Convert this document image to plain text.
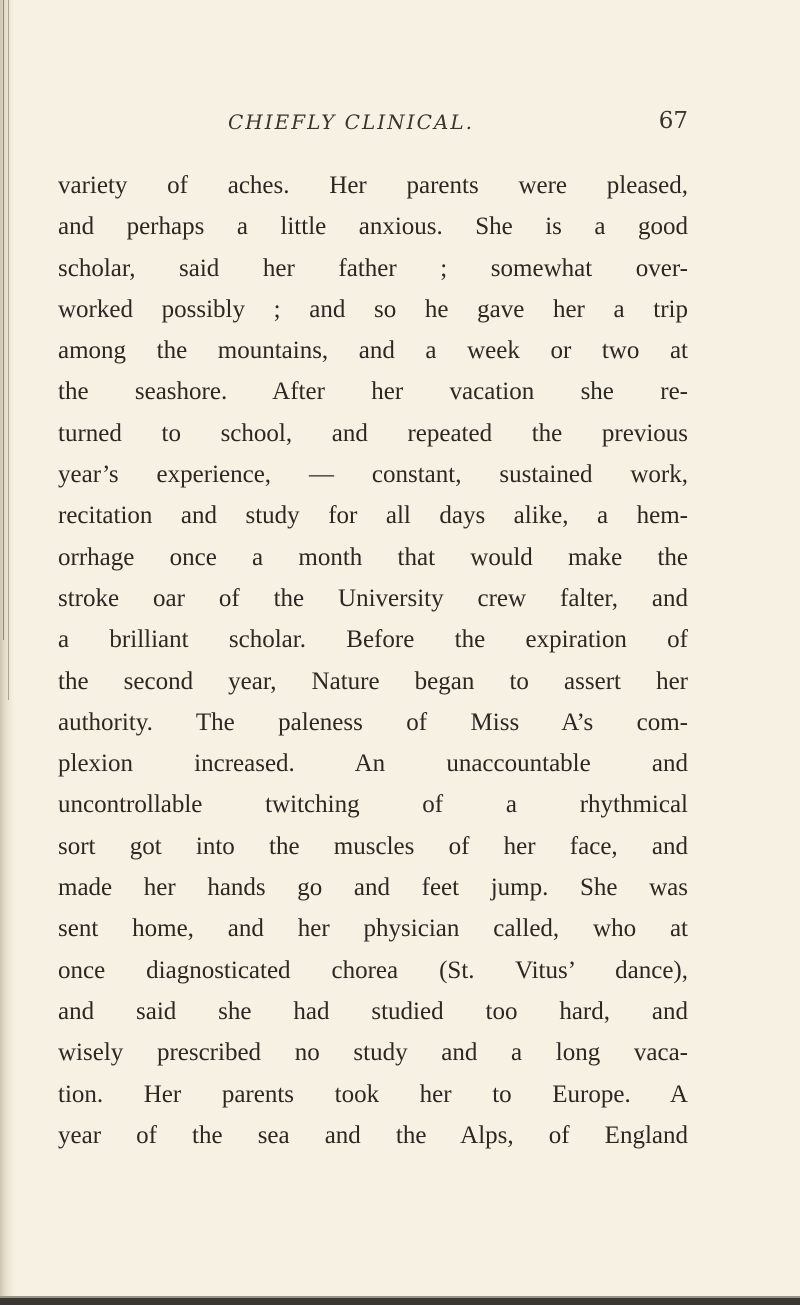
CHIEFLY CLINICAL.	67
variety of aches. Her parents were pleased,
and perhaps a little anxious. She is a good
scholar, said her father ; somewhat over-
worked possibly ; and so he gave her a trip
among the mountains, and a week or two at
the seashore. After her vacation she re-
turned to school, and repeated the previous
year’s experience, — constant, sustained work,
recitation and study for all days alike, a hem-
orrhage once a month that would make the
stroke oar of the University crew falter, and
a brilliant scholar. Before the expiration of
the second year, Nature began to assert her
authority. The paleness of Miss A’s com-
plexion increased. An unaccountable and
uncontrollable twitching of a rhythmical
sort got into the muscles of her face, and
made her hands go and feet jump. She was
sent home, and her physician called, who at
once diagnosticated chorea (St. Vitus’ dance),
and said she had studied too hard, and
wisely prescribed no study and a long vaca-
tion. Her parents took her to Europe. A
year of the sea and the Alps, of England
